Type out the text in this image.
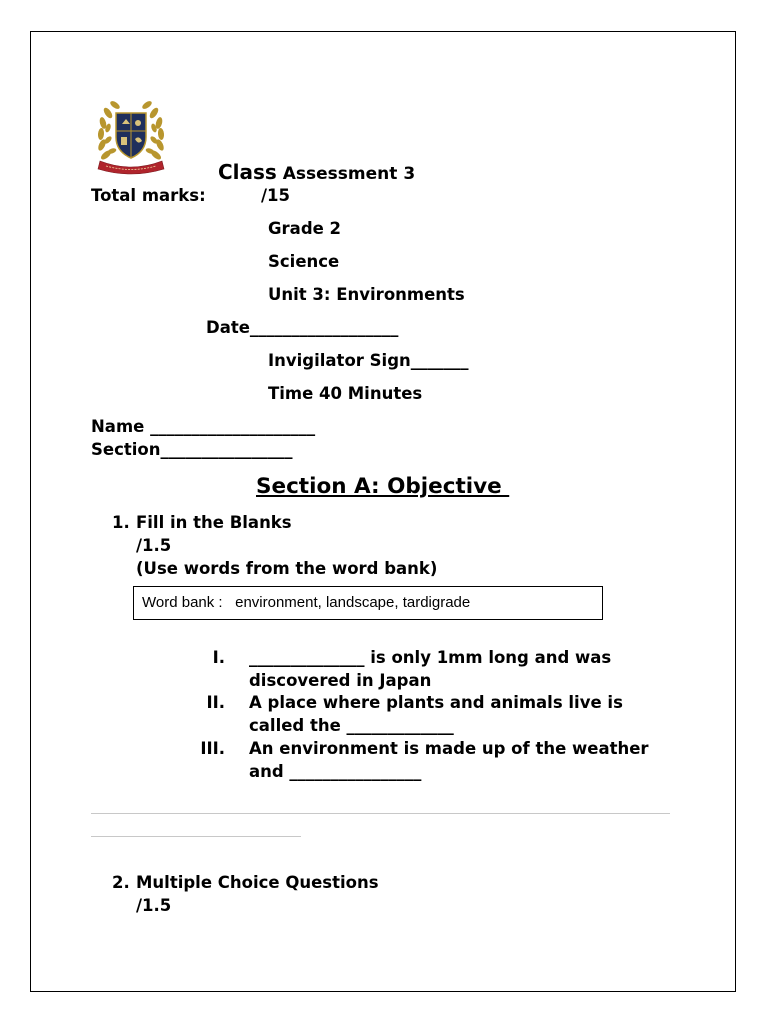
Class Assessment 3
Total marks:	/15
Grade 2
Science
Unit 3: Environments
Date__________________
Invigilator Sign_______
Time 40 Minutes
Name ____________________
Section________________
Section A: Objective
1. Fill in the Blanks
/1.5
(Use words from the word bank)
Word bank :   environment, landscape, tardigrade
I. ______________ is only 1mm long and was
discovered in Japan
II. A place where plants and animals live is
called the _____________
III. An environment is made up of the weather
and ________________
2. Multiple Choice Questions
/1.5
